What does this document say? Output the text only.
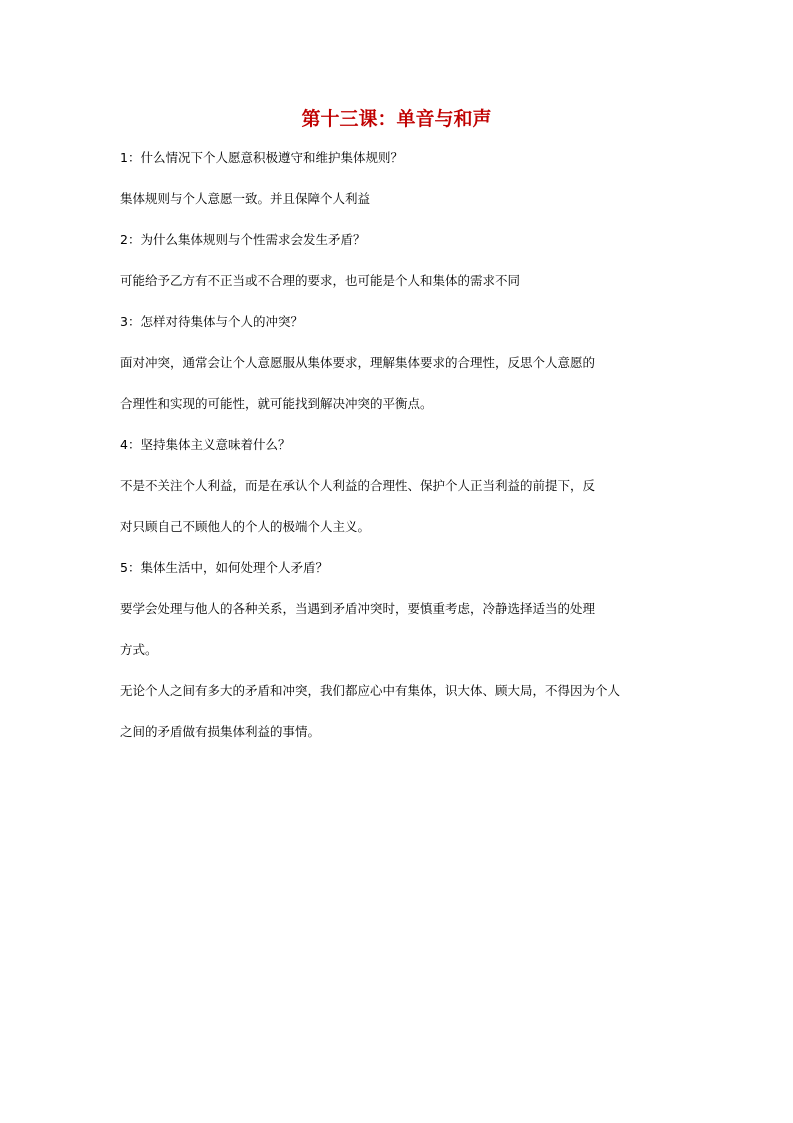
第十三课：单音与和声

1：什么情况下个人愿意积极遵守和维护集体规则？

集体规则与个人意愿一致。并且保障个人利益

2：为什么集体规则与个性需求会发生矛盾？

可能给予乙方有不正当或不合理的要求，也可能是个人和集体的需求不同

3：怎样对待集体与个人的冲突？

面对冲突，通常会让个人意愿服从集体要求，理解集体要求的合理性，反思个人意愿的

合理性和实现的可能性，就可能找到解决冲突的平衡点。

4：坚持集体主义意味着什么？

不是不关注个人利益，而是在承认个人利益的合理性、保护个人正当利益的前提下，反

对只顾自己不顾他人的个人的极端个人主义。

5：集体生活中，如何处理个人矛盾？

要学会处理与他人的各种关系，当遇到矛盾冲突时，要慎重考虑，冷静选择适当的处理

方式。

无论个人之间有多大的矛盾和冲突，我们都应心中有集体，识大体、顾大局，不得因为个人

之间的矛盾做有损集体利益的事情。
